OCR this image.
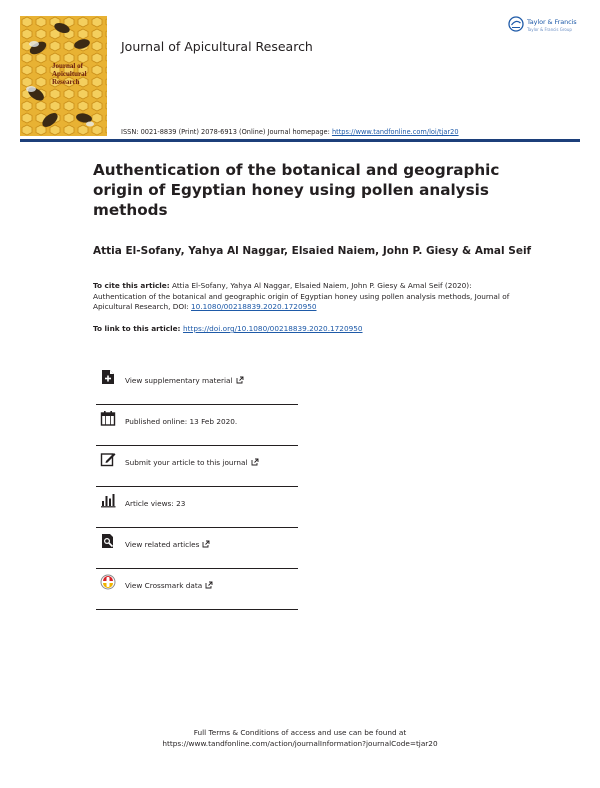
Journal of
Apicultural
Research
Journal of Apicultural Research
Taylor & Francis
Taylor & Francis Group
ISSN: 0021-8839 (Print) 2078-6913 (Online) Journal homepage: https://www.tandfonline.com/loi/tjar20
Authentication of the botanical and geographic origin of Egyptian honey using pollen analysis methods
Attia El-Sofany, Yahya Al Naggar, Elsaied Naiem, John P. Giesy & Amal Seif
To cite this article: Attia El-Sofany, Yahya Al Naggar, Elsaied Naiem, John P. Giesy & Amal Seif (2020): Authentication of the botanical and geographic origin of Egyptian honey using pollen analysis methods, Journal of Apicultural Research, DOI: 10.1080/00218839.2020.1720950
To link to this article: https://doi.org/10.1080/00218839.2020.1720950
View supplementary material
Published online: 13 Feb 2020.
Submit your article to this journal
Article views: 23
View related articles
View Crossmark data
Full Terms & Conditions of access and use can be found at
https://www.tandfonline.com/action/journalInformation?journalCode=tjar20
